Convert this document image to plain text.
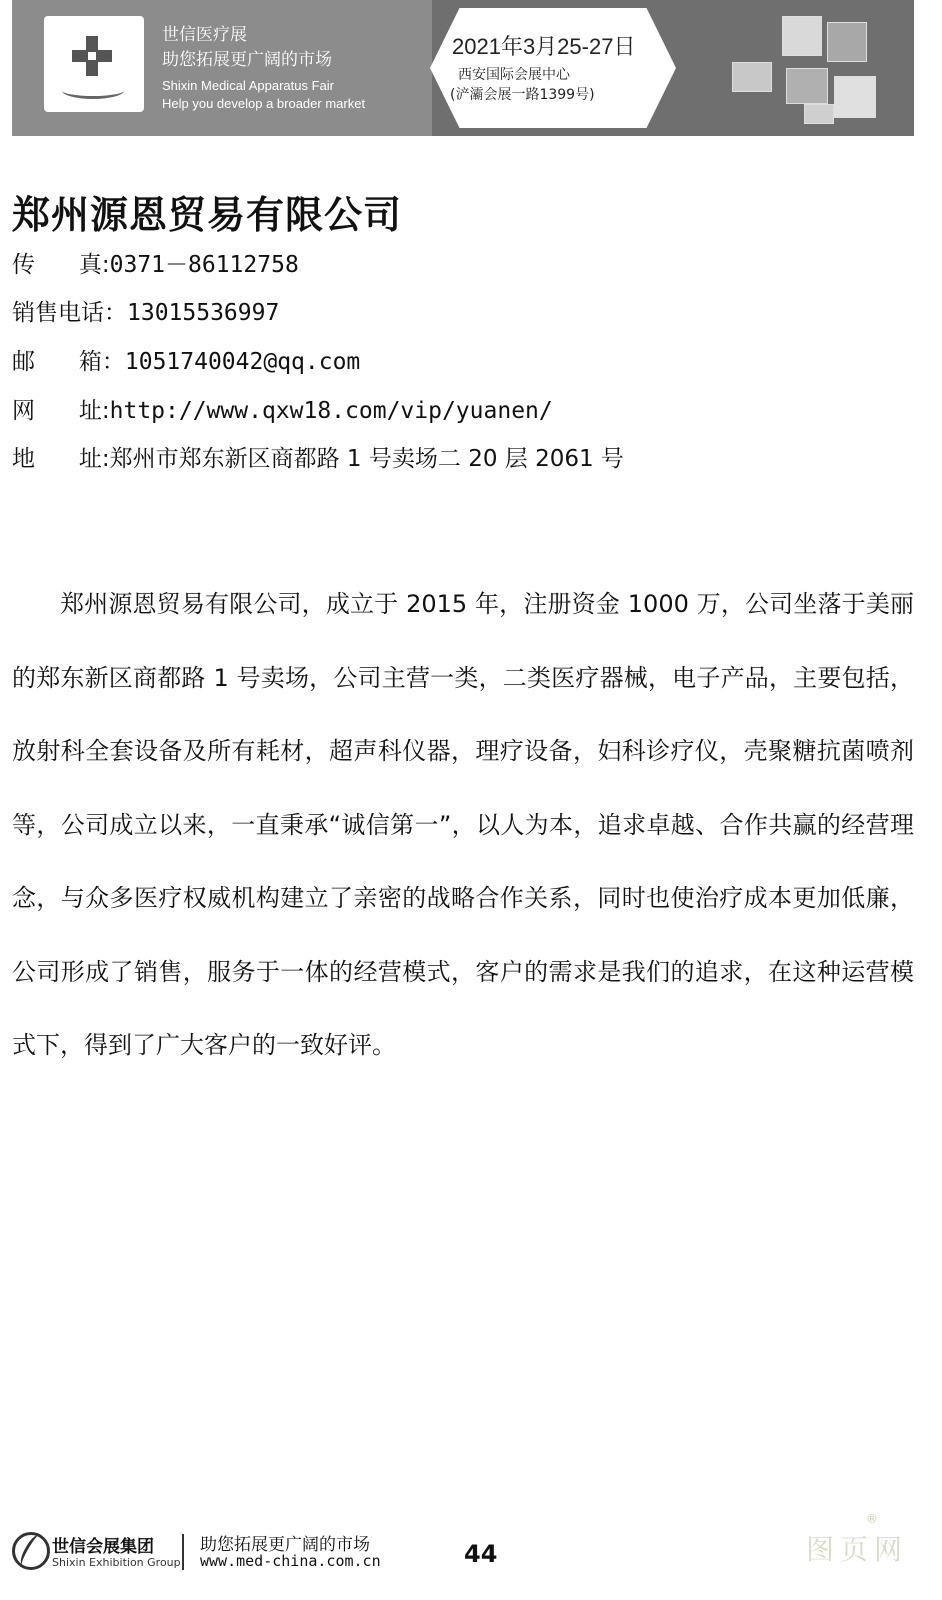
世信医疗展
助您拓展更广阔的市场
Shixin Medical Apparatus Fair
Help you develop a broader market
2021年3月25-27日
西安国际会展中心
(浐灞会展一路1399号)
郑州源恩贸易有限公司
传      真:0371－86112758
销售电话：13015536997
邮      箱：1051740042@qq.com
网      址:http://www.qxw18.com/vip/yuanen/
地      址:郑州市郑东新区商都路 1 号卖场二 20 层 2061 号

郑州源恩贸易有限公司，成立于 2015 年，注册资金 1000 万，公司坐落于美丽的郑东新区商都路 1 号卖场，公司主营一类，二类医疗器械，电子产品，主要包括，放射科全套设备及所有耗材，超声科仪器，理疗设备，妇科诊疗仪，壳聚糖抗菌喷剂等，公司成立以来，一直秉承“诚信第一”，以人为本，追求卓越、合作共赢的经营理念，与众多医疗权威机构建立了亲密的战略合作关系，同时也使治疗成本更加低廉，公司形成了销售，服务于一体的经营模式，客户的需求是我们的追求，在这种运营模式下，得到了广大客户的一致好评。

世信会展集团
Shixin Exhibition Group
助您拓展更广阔的市场
www.med-china.com.cn	44
®
图页网
